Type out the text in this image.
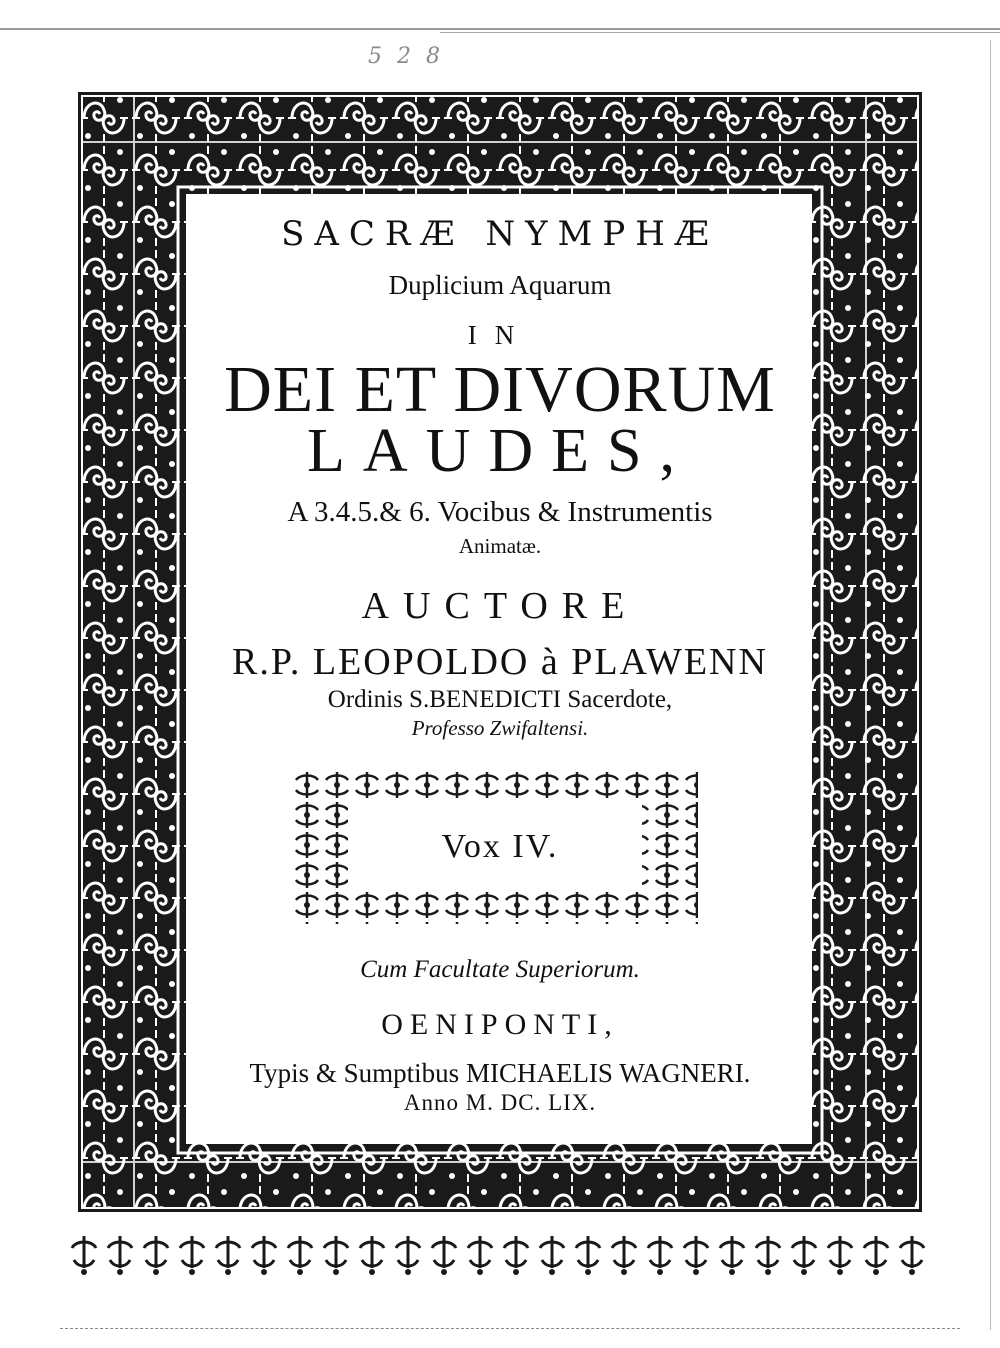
5 2 8
SACRÆ NYMPHÆ
Duplicium Aquarum
IN
DEI ET DIVORUM
LAUDES,
A 3.4.5.& 6. Vocibus & Instrumentis
Animatæ.
AUCTORE
R.P. LEOPOLDO à PLAWENN
Ordinis S.BENEDICTI Sacerdote,
Professo Zwifaltensi.
Vox IV.
Cum Facultate Superiorum.
OENIPONTI,
Typis & Sumptibus MICHAELIS WAGNERI.
Anno M. DC. LIX.
